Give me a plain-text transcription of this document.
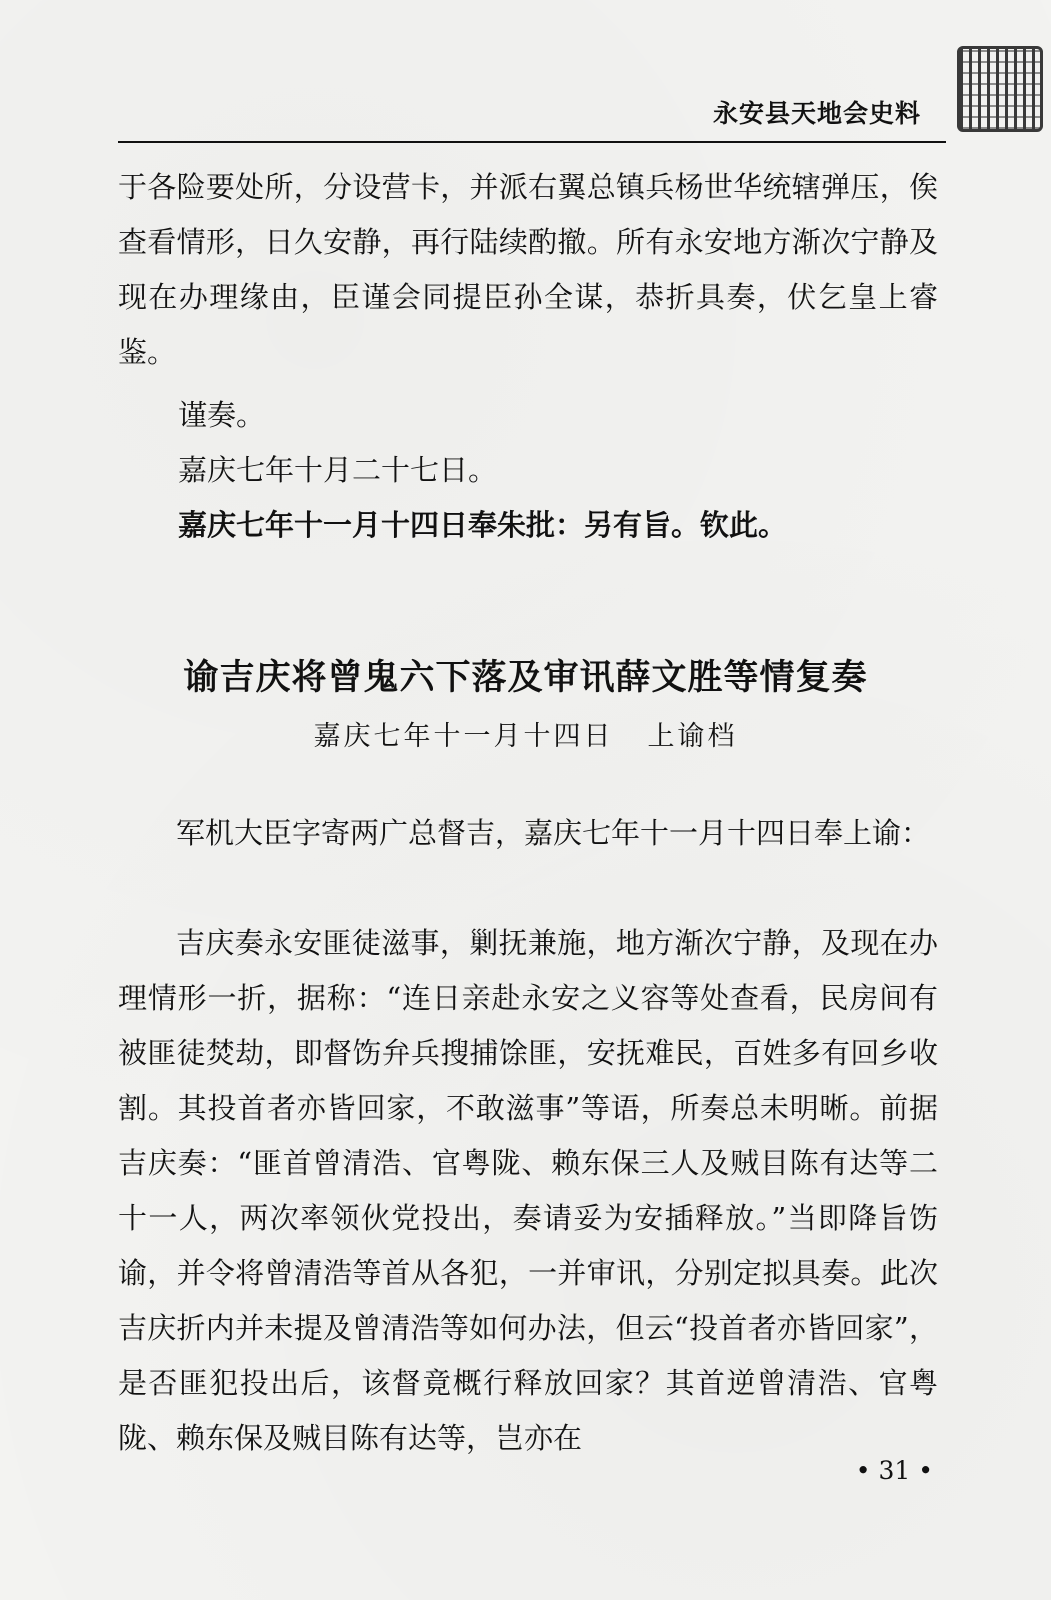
永安县天地会史料

于各险要处所，分设营卡，并派右翼总镇兵杨世华统辖弹压，俟查看情形，日久安静，再行陆续酌撤。所有永安地方渐次宁静及现在办理缘由，臣谨会同提臣孙全谋，恭折具奏，伏乞皇上睿鉴。

谨奏。
嘉庆七年十月二十七日。
嘉庆七年十一月十四日奉朱批：另有旨。钦此。
谕吉庆将曾鬼六下落及审讯薛文胜等情复奏
嘉庆七年十一月十四日 上谕档

军机大臣字寄两广总督吉，嘉庆七年十一月十四日奉上谕：

吉庆奏永安匪徒滋事，剿抚兼施，地方渐次宁静，及现在办理情形一折，据称：“连日亲赴永安之义容等处查看，民房间有被匪徒焚劫，即督饬弁兵搜捕馀匪，安抚难民，百姓多有回乡收割。其投首者亦皆回家，不敢滋事”等语，所奏总未明晰。前据吉庆奏：“匪首曾清浩、官粤陇、赖东保三人及贼目陈有达等二十一人，两次率领伙党投出，奏请妥为安插释放。”当即降旨饬谕，并令将曾清浩等首从各犯，一并审讯，分别定拟具奏。此次吉庆折内并未提及曾清浩等如何办法，但云“投首者亦皆回家”，是否匪犯投出后，该督竟概行释放回家？其首逆曾清浩、官粤陇、赖东保及贼目陈有达等，岂亦在

• 31 •
